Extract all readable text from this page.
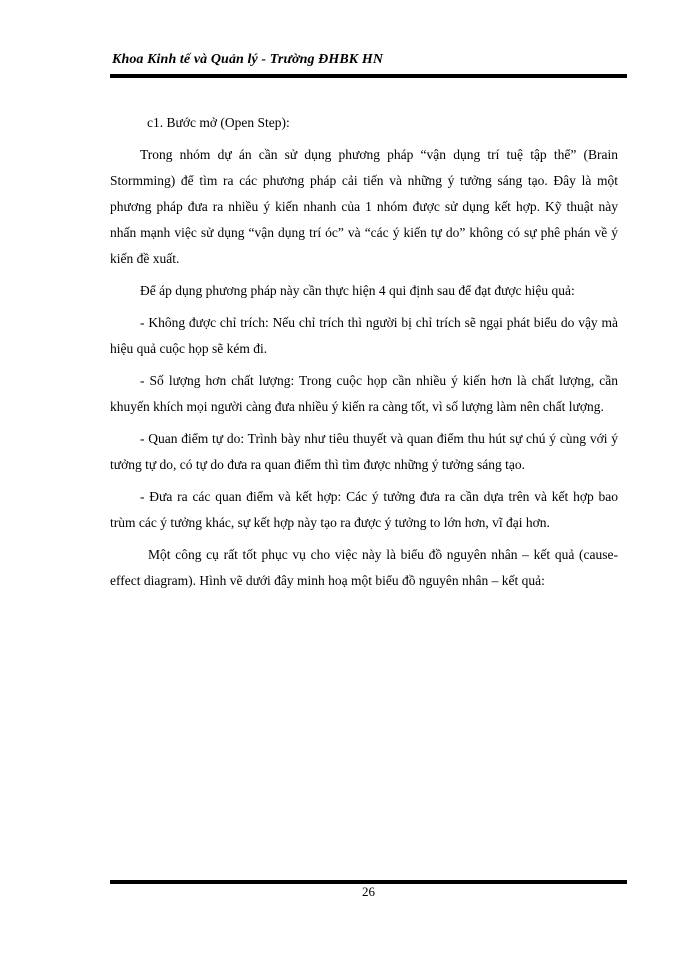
Khoa Kinh tế và Quản lý - Trường ĐHBK HN

c1. Bước mở (Open Step):

Trong nhóm dự án cần sử dụng phương pháp “vận dụng trí tuệ tập thể” (Brain Stormming) để tìm ra các phương pháp cải tiến và những ý tưởng sáng tạo. Đây là một phương pháp đưa ra nhiều ý kiến nhanh của 1 nhóm được sử dụng kết hợp. Kỹ thuật này nhấn mạnh việc sử dụng “vận dụng trí óc” và “các ý kiến tự do” không có sự phê phán về ý kiến đề xuất.

Để áp dụng phương pháp này cần thực hiện 4 qui định sau để đạt được hiệu quả:

- Không được chỉ trích: Nếu chỉ trích thì người bị chỉ trích sẽ ngại phát biểu do vậy mà hiệu quả cuộc họp sẽ kém đi.

- Số lượng hơn chất lượng: Trong cuộc họp cần nhiều ý kiến hơn là chất lượng, cần khuyến khích mọi người càng đưa nhiều ý kiến ra càng tốt, vì số lượng làm nên chất lượng.

- Quan điểm tự do: Trình bày như tiêu thuyết và quan điểm thu hút sự chú ý cùng với ý tưởng tự do, có tự do đưa ra quan điểm thì tìm được những ý tưởng sáng tạo.

- Đưa ra các quan điểm và kết hợp: Các ý tưởng đưa ra cần dựa trên và kết hợp bao trùm các ý tưởng khác, sự kết hợp này tạo ra được ý tưởng to lớn hơn, vĩ đại hơn.

Một công cụ rất tốt phục vụ cho việc này là biểu đồ nguyên nhân – kết quả (cause-effect diagram). Hình vẽ dưới đây minh hoạ một biểu đồ nguyên nhân – kết quả:

26
